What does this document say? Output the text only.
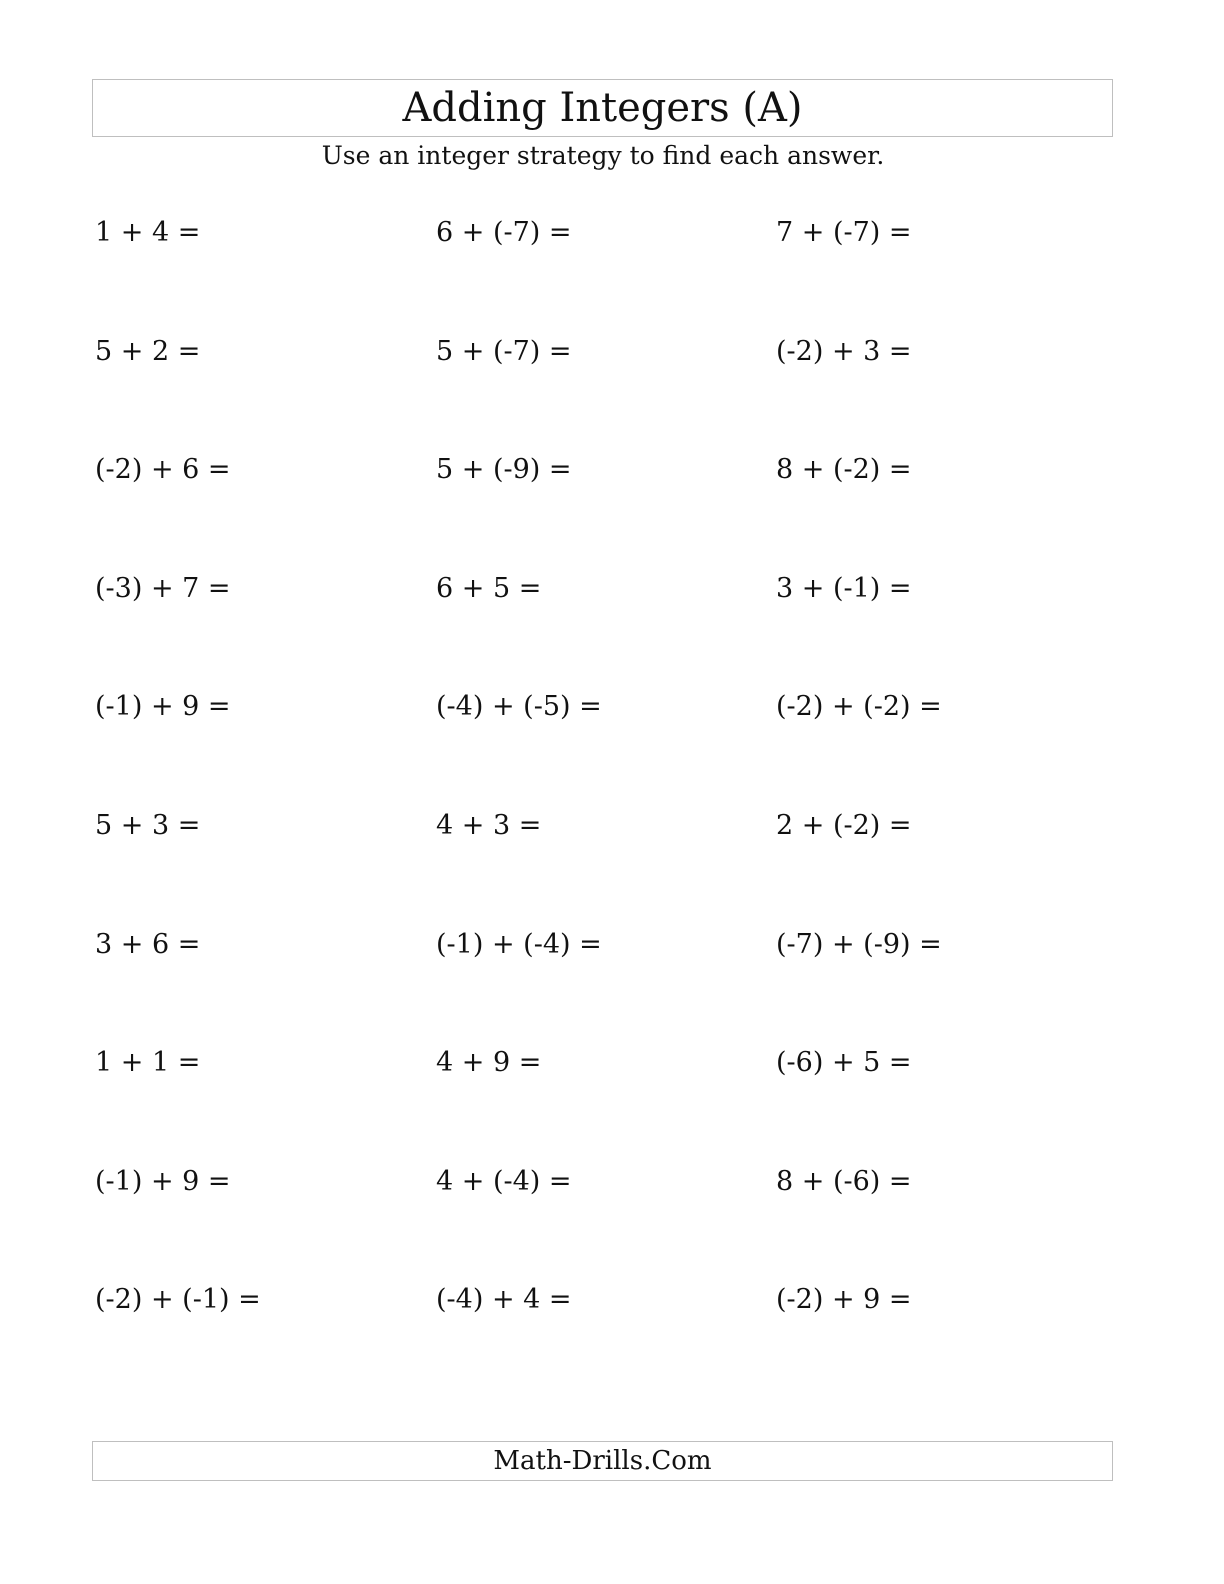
Adding Integers (A)
Use an integer strategy to find each answer.
1 + 4 =	6 + (-7) =	7 + (-7) =
5 + 2 =	5 + (-7) =	(-2) + 3 =
(-2) + 6 =	5 + (-9) =	8 + (-2) =
(-3) + 7 =	6 + 5 =	3 + (-1) =
(-1) + 9 =	(-4) + (-5) =	(-2) + (-2) =
5 + 3 =	4 + 3 =	2 + (-2) =
3 + 6 =	(-1) + (-4) =	(-7) + (-9) =
1 + 1 =	4 + 9 =	(-6) + 5 =
(-1) + 9 =	4 + (-4) =	8 + (-6) =
(-2) + (-1) =	(-4) + 4 =	(-2) + 9 =
Math-Drills.Com
